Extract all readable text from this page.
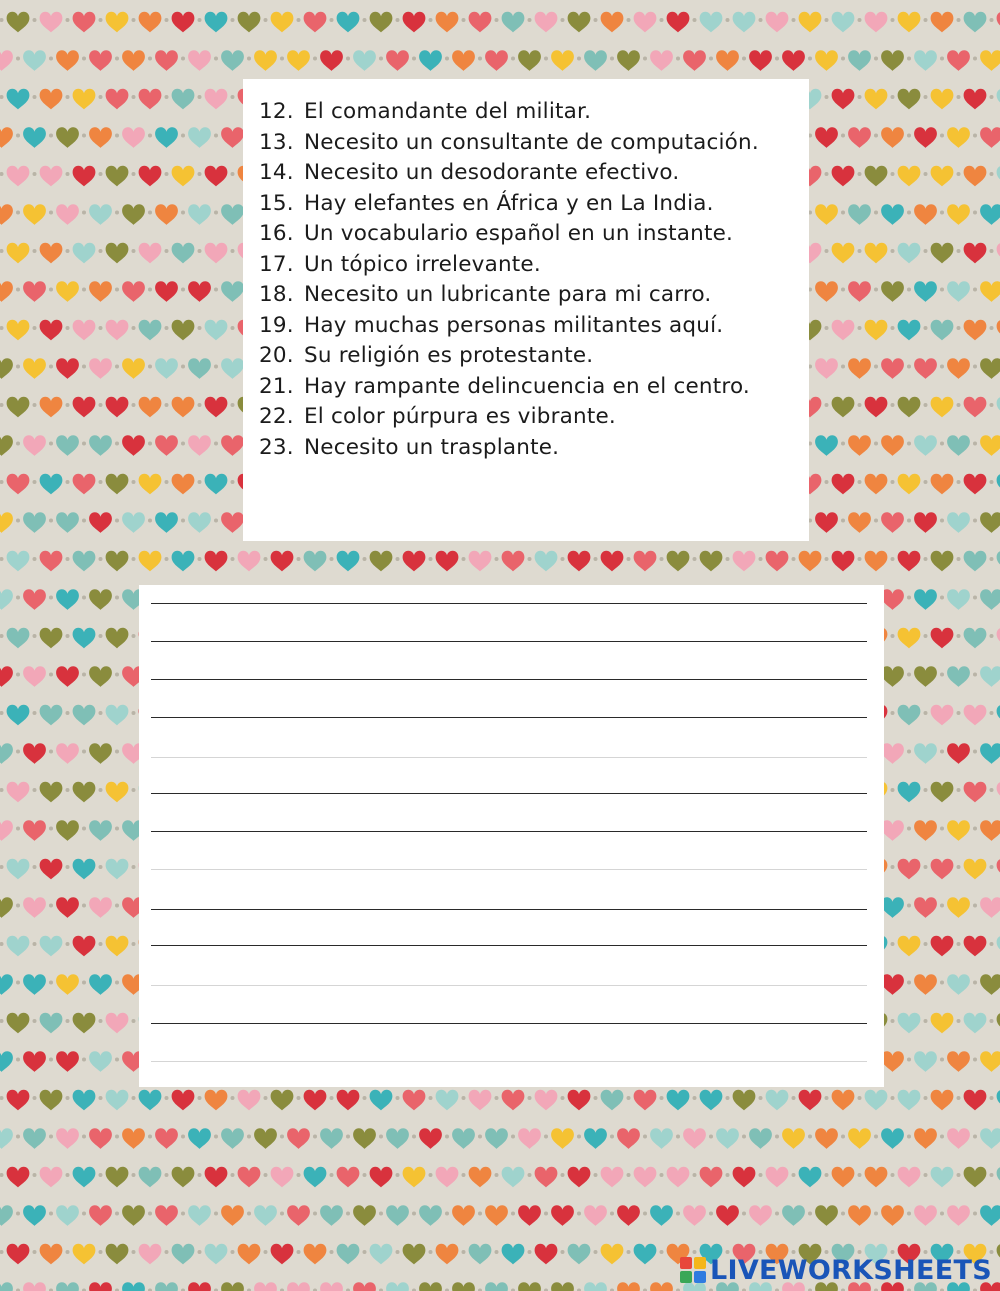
12. El comandante del militar.
13. Necesito un consultante de computación.
14. Necesito un desodorante efectivo.
15. Hay elefantes en África y en La India.
16. Un vocabulario español en un instante.
17. Un tópico irrelevante.
18. Necesito un lubricante para mi carro.
19. Hay muchas personas militantes aquí.
20. Su religión es protestante.
21. Hay rampante delincuencia en el centro.
22. El color púrpura es vibrante.
23. Necesito un trasplante.
LIVEWORKSHEETS
